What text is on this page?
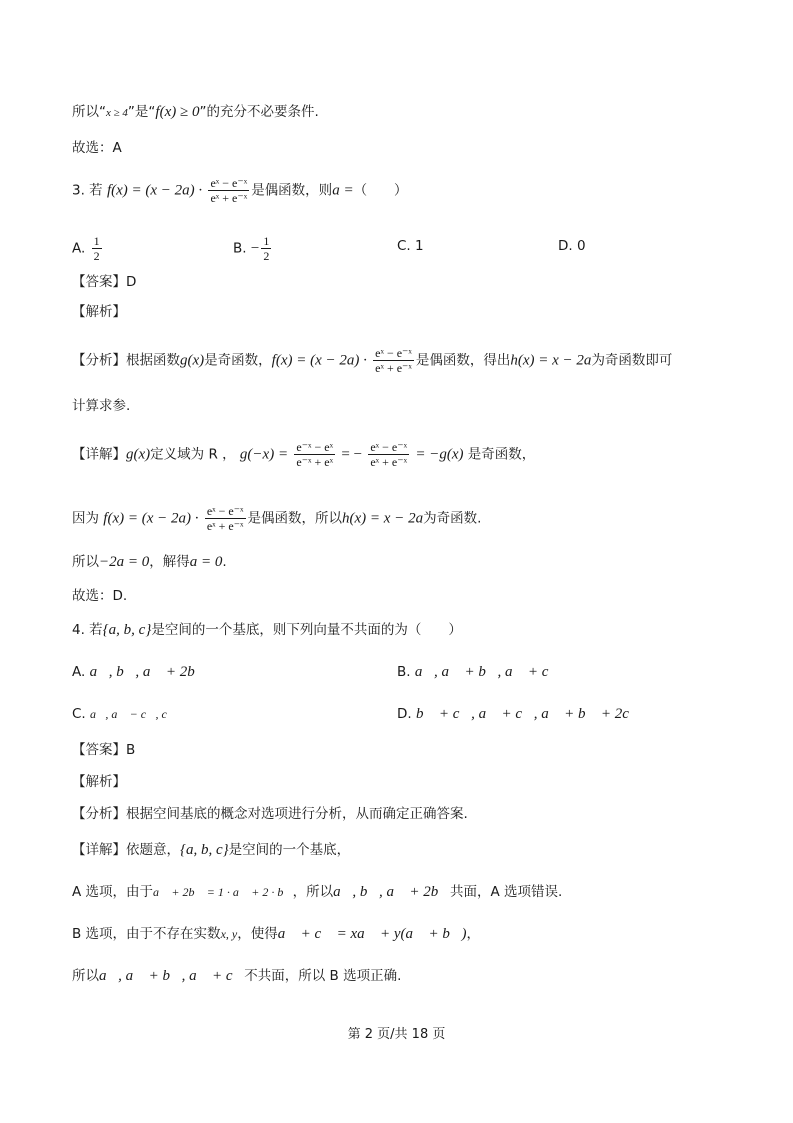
所以“x ≥ 4”是“f(x) ≥ 0”的充分不必要条件.
故选：A
3. 若 $f(x) = (x - 2a) \cdot \frac{\text{eˣ − e⁻ˣ}}{\text{eˣ + e⁻ˣ}}$ 是偶函数，则a =（　　）
A. $\frac{1}{2}$	B. − $\frac{1}{2}$	C. 1	D. 0
【答案】D
【解析】
【分析】根据函数g(x)是奇函数，$f(x) = (x - 2a) \cdot \frac{\text{eˣ − e⁻ˣ}}{\text{eˣ + e⁻ˣ}}$ 是偶函数，得出h(x) = x − 2a为奇函数即可
计算求参.
【详解】g(x)定义域为 R ， $g(-x) = \frac{\text{e⁻ˣ − eˣ}}{\text{e⁻ˣ + eˣ}}$ = − $\frac{\text{eˣ − e⁻ˣ}}{\text{eˣ + e⁻ˣ}} = -g(x)$ 是奇函数，
因为 $f(x) = (x - 2a) \cdot \frac{\text{eˣ − e⁻ˣ}}{\text{eˣ + e⁻ˣ}}$ 是偶函数，所以h(x) = x − 2a为奇函数.
所以−2a = 0，解得a = 0.
故选：D.
4. 若{a, b, c}是空间的一个基底，则下列向量不共面的为（　　）
A. a⃗, b⃗, a⃗ + 2b⃗	B. a⃗, a⃗ + b⃗, a⃗ + c⃗
C. a⃗, a⃗ − c⃗, c⃗	D. b⃗ + c⃗, a⃗ + c⃗, a⃗ + b⃗ + 2c⃗
【答案】B
【解析】
【分析】根据空间基底的概念对选项进行分析，从而确定正确答案.
【详解】依题意，{a, b, c}是空间的一个基底，
A 选项，由于a⃗ + 2b⃗ = 1 · a⃗ + 2 · b⃗，所以a⃗, b⃗, a⃗ + 2b⃗共面，A 选项错误.
B 选项，由于不存在实数x, y，使得a⃗ + c⃗ = xa⃗ + y(a⃗ + b⃗)，
所以a⃗, a⃗ + b⃗, a⃗ + c⃗不共面，所以 B 选项正确.
第 2 页/共 18 页
